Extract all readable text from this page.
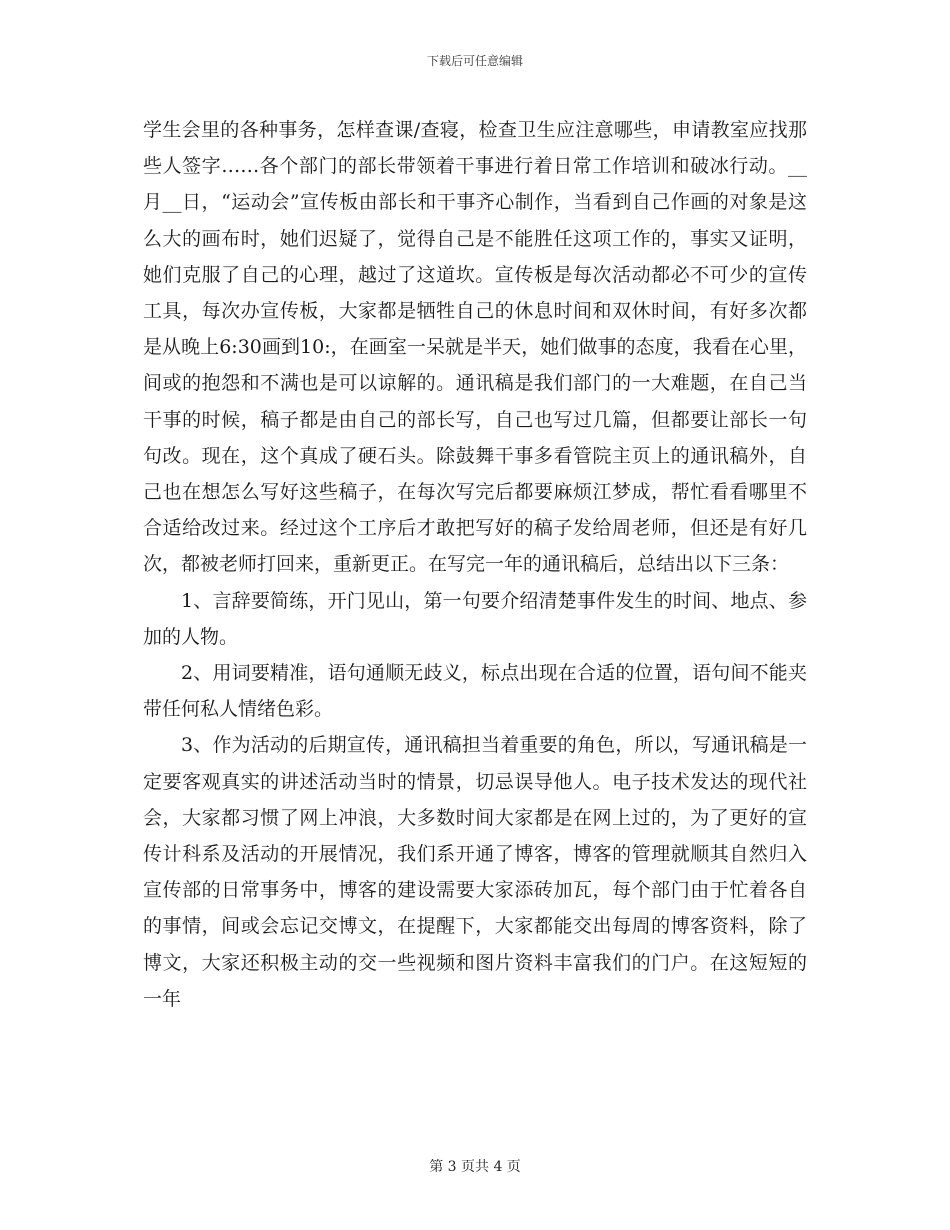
下载后可任意编辑

学生会里的各种事务，怎样查课/查寝，检查卫生应注意哪些，申请教室应找那些人签字……各个部门的部长带领着干事进行着日常工作培训和破冰行动。__月__日，“运动会”宣传板由部长和干事齐心制作，当看到自己作画的对象是这么大的画布时，她们迟疑了，觉得自己是不能胜任这项工作的，事实又证明，她们克服了自己的心理，越过了这道坎。宣传板是每次活动都必不可少的宣传工具，每次办宣传板，大家都是牺牲自己的休息时间和双休时间，有好多次都是从晚上6:30画到10:，在画室一呆就是半天，她们做事的态度，我看在心里，间或的抱怨和不满也是可以谅解的。通讯稿是我们部门的一大难题，在自己当干事的时候，稿子都是由自己的部长写，自己也写过几篇，但都要让部长一句句改。现在，这个真成了硬石头。除鼓舞干事多看管院主页上的通讯稿外，自己也在想怎么写好这些稿子，在每次写完后都要麻烦江梦成，帮忙看看哪里不合适给改过来。经过这个工序后才敢把写好的稿子发给周老师，但还是有好几次，都被老师打回来，重新更正。在写完一年的通讯稿后，总结出以下三条：

1、言辞要简练，开门见山，第一句要介绍清楚事件发生的时间、地点、参加的人物。

2、用词要精准，语句通顺无歧义，标点出现在合适的位置，语句间不能夹带任何私人情绪色彩。

3、作为活动的后期宣传，通讯稿担当着重要的角色，所以，写通讯稿是一定要客观真实的讲述活动当时的情景，切忌误导他人。电子技术发达的现代社会，大家都习惯了网上冲浪，大多数时间大家都是在网上过的，为了更好的宣传计科系及活动的开展情况，我们系开通了博客，博客的管理就顺其自然归入宣传部的日常事务中，博客的建设需要大家添砖加瓦，每个部门由于忙着各自的事情，间或会忘记交博文，在提醒下，大家都能交出每周的博客资料，除了博文，大家还积极主动的交一些视频和图片资料丰富我们的门户。在这短短的一年

第 3 页共 4 页
